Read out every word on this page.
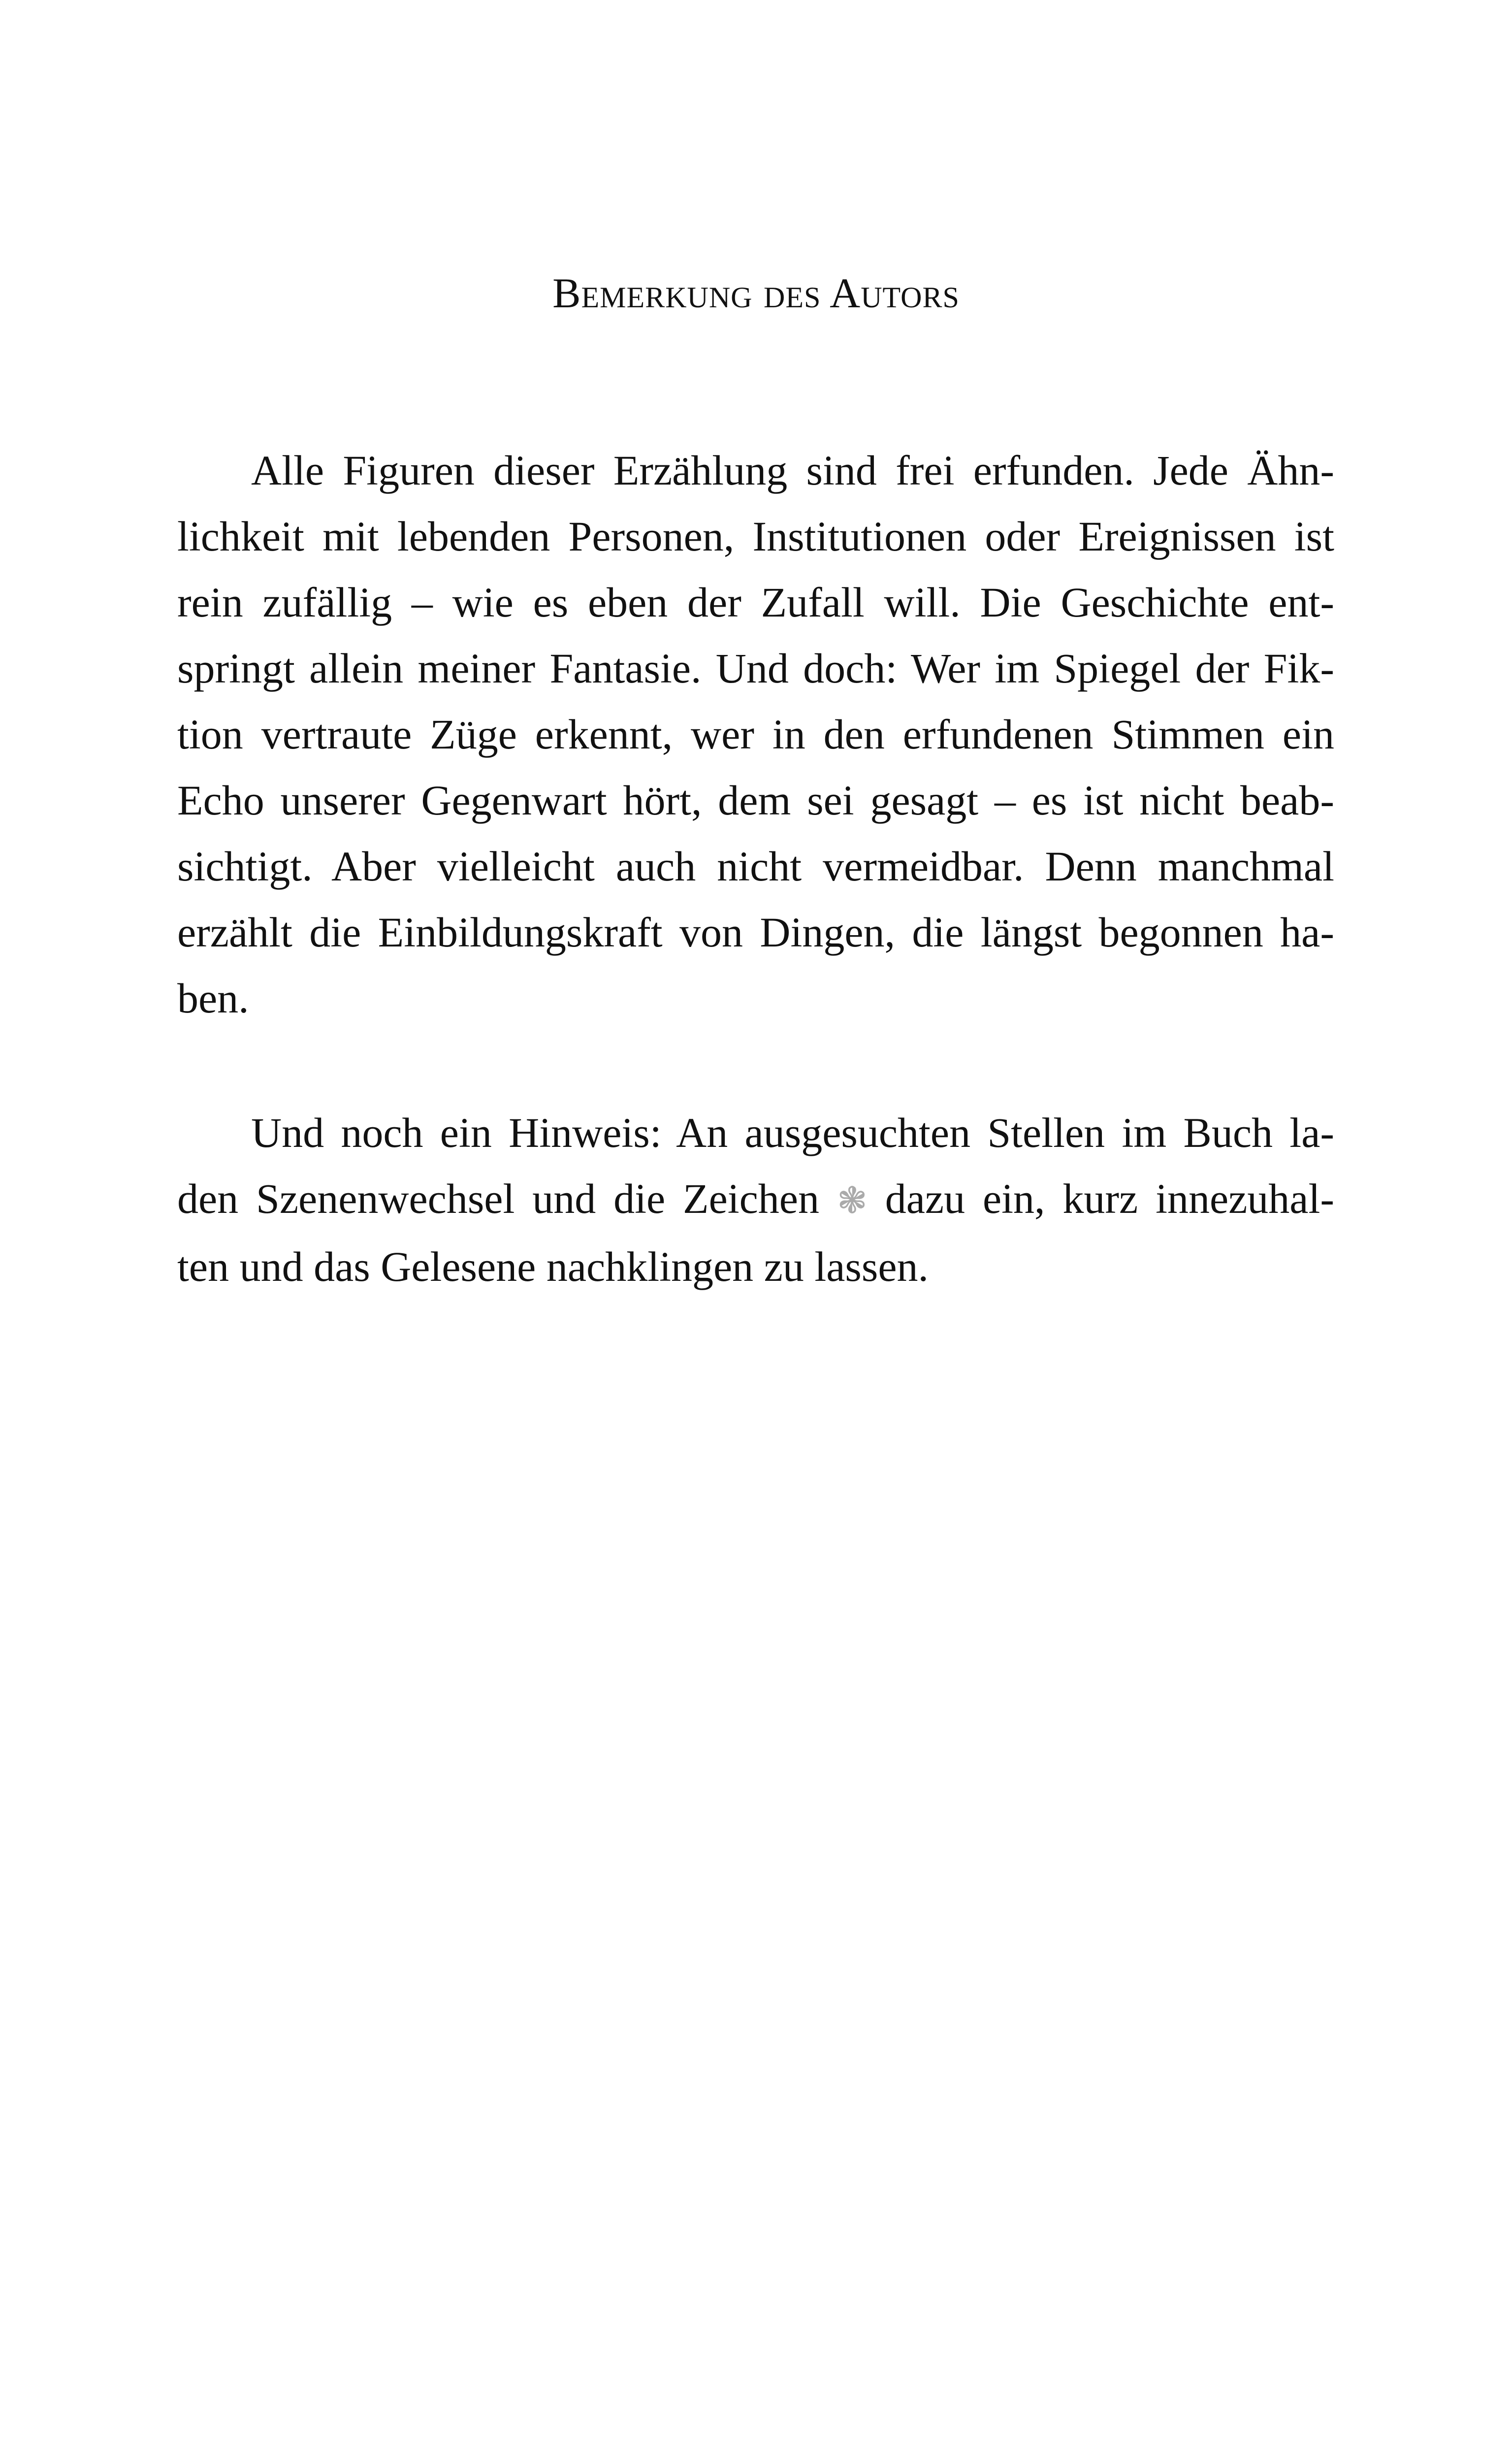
Bemerkung des Autors
Alle Figuren dieser Erzählung sind frei erfunden. Jede Ähn-
lichkeit mit lebenden Personen, Institutionen oder Ereignissen ist
rein zufällig – wie es eben der Zufall will. Die Geschichte ent-
springt allein meiner Fantasie. Und doch: Wer im Spiegel der Fik-
tion vertraute Züge erkennt, wer in den erfundenen Stimmen ein
Echo unserer Gegenwart hört, dem sei gesagt – es ist nicht beab-
sichtigt. Aber vielleicht auch nicht vermeidbar. Denn manchmal
erzählt die Einbildungskraft von Dingen, die längst begonnen ha-
ben.
Und noch ein Hinweis: An ausgesuchten Stellen im Buch la-
den Szenenwechsel und die Zeichen ❃ dazu ein, kurz innezuhal-
ten und das Gelesene nachklingen zu lassen.
